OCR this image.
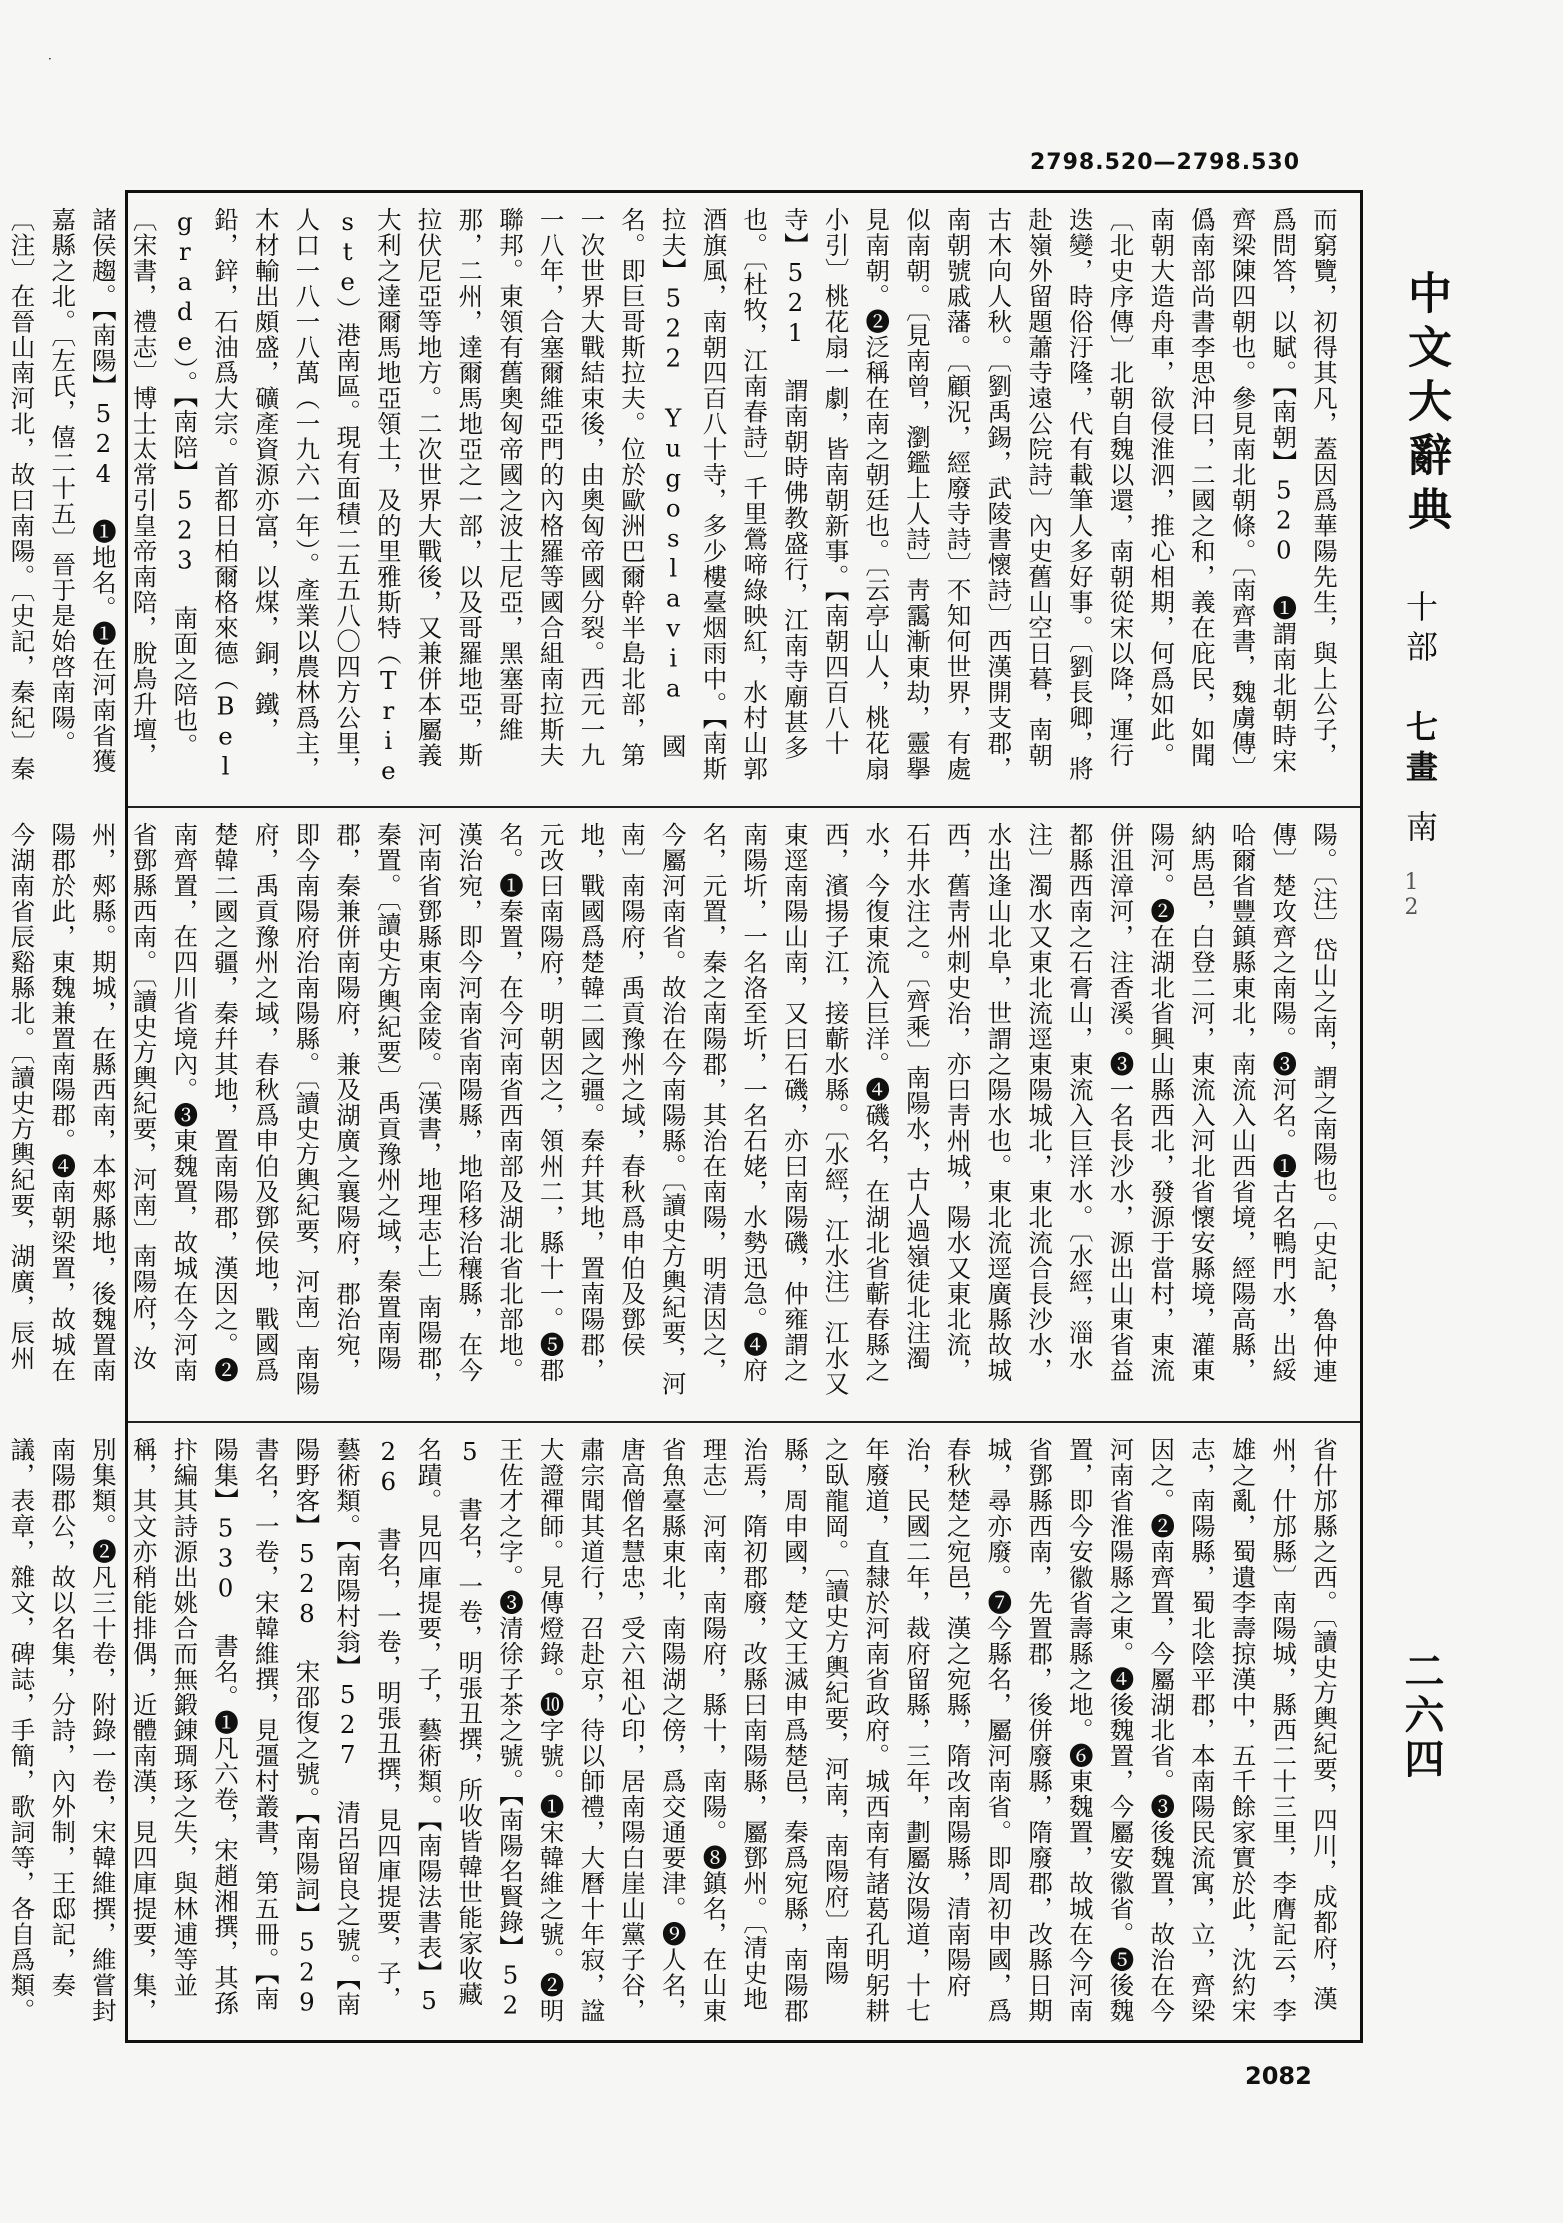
·
2798.520—2798.530
而窮覽，初得其凡，蓋因爲華陽先生，與上公子，爲問答，以賦。【南朝】520 ❶謂南北朝時宋齊梁陳四朝也。參見南北朝條。〔南齊書，魏虜傳〕僞南部尚書李思沖曰，二國之和，義在庇民，如聞南朝大造舟車，欲侵淮泗，推心相期，何爲如此。〔北史序傳〕北朝自魏以還，南朝從宋以降，運行迭變，時俗汙隆，代有載筆人多好事。〔劉長卿，將赴嶺外留題蕭寺遠公院詩〕內史舊山空日暮，南朝古木向人秋。〔劉禹錫，武陵書懷詩〕西漢開支郡，南朝號戚藩。〔顧況，經廢寺詩〕不知何世界，有處似南朝。〔見南曾，瀏鑑上人詩〕靑靄漸東劫，靈擧見南朝。❷泛稱在南之朝廷也。〔云亭山人，桃花扇小引〕桃花扇一劇，皆南朝新事。【南朝四百八十寺】521 謂南朝時佛教盛行，江南寺廟甚多也。〔杜牧，江南春詩〕千里鶯啼綠映紅，水村山郭酒旗風，南朝四百八十寺，多少樓臺烟雨中。【南斯拉夫】522 Yugoslavia 國名。即巨哥斯拉夫。位於歐洲巴爾幹半島北部，第一次世界大戰結束後，由奧匈帝國分裂。西元一九一八年，合塞爾維亞門的內格羅等國合組南拉斯夫聯邦。東領有舊奧匈帝國之波士尼亞，黑塞哥維那，二州，達爾馬地亞之一部，以及哥羅地亞，斯拉伏尼亞等地方。二次世界大戰後，又兼併本屬義大利之達爾馬地亞領土，及的里雅斯特（Trieste）港南區。現有面積二五五八〇四方公里，人口一八一八萬（一九六一年）。產業以農林爲主，木材輸出頗盛，礦產資源亦富，以煤，銅，鐵，鉛，鋅，石油爲大宗。首都日柏爾格來德（Belgrade）。【南陪】523 南面之陪也。〔宋書，禮志〕博士太常引皇帝南陪，脫鳥升壇，諸侯趨。【南陽】524 ❶地名。❶在河南省獲嘉縣之北。〔左氏，僖二十五〕晉于是始啓南陽。〔注〕在晉山南河北，故曰南陽。〔史記，秦紀〕秦
陽。〔注〕岱山之南，謂之南陽也。〔史記，魯仲連傳〕楚攻齊之南陽。❸河名。❶古名鴨門水，出綏哈爾省豐鎮縣東北，南流入山西省境，經陽高縣，納馬邑，白登二河，東流入河北省懷安縣境，灌東陽河。❷在湖北省興山縣西北，發源于當村，東流併沮漳河，注香溪。❸一名長沙水，源出山東省益都縣西南之石膏山，東流入巨洋水。〔水經，淄水注〕濁水又東北流逕東陽城北，東北流合長沙水，水出逢山北阜，世謂之陽水也。東北流逕廣縣故城西，舊靑州刺史治，亦曰靑州城，陽水又東北流，石井水注之。〔齊乘〕南陽水，古人過嶺徒北注濁水，今復東流入巨洋。❹磯名，在湖北省蘄春縣之西，濱揚子江，接蘄水縣。〔水經，江水注〕江水又東逕南陽山南，又曰石磯，亦曰南陽磯，仲雍謂之南陽圻，一名洛至圻，一名石姥，水勢迅急。❹府名，元置，秦之南陽郡，其治在南陽，明清因之，今屬河南省。故治在今南陽縣。〔讀史方輿紀要，河南〕南陽府，禹貢豫州之域，春秋爲申伯及鄧侯地，戰國爲楚韓二國之疆。秦幷其地，置南陽郡，元改曰南陽府，明朝因之，領州二，縣十一。❺郡名。❶秦置，在今河南省西南部及湖北省北部地。漢治宛，即今河南省南陽縣，地陷移治穰縣，在今河南省鄧縣東南金陵。〔漢書，地理志上〕南陽郡，秦置。〔讀史方輿紀要〕禹貢豫州之域，秦置南陽郡，秦兼併南陽府，兼及湖廣之襄陽府，郡治宛，即今南陽府治南陽縣。〔讀史方輿紀要，河南〕南陽府，禹貢豫州之域，春秋爲申伯及鄧侯地，戰國爲楚韓二國之疆，秦幷其地，置南陽郡，漢因之。❷南齊置，在四川省境內。❸東魏置，故城在今河南省鄧縣西南。〔讀史方輿紀要，河南〕南陽府，汝州，郟縣。期城，在縣西南，本郟縣地，後魏置南陽郡於此，東魏兼置南陽郡。❹南朝梁置，故城在今湖南省辰谿縣北。〔讀史方輿紀要，湖廣，辰州
省什邡縣之西。〔讀史方輿紀要，四川，成都府，漢州，什邡縣〕南陽城，縣西二十三里，李膺記云，李雄之亂，蜀遺李壽掠漢中，五千餘家實於此，沈約宋志，南陽縣，蜀北陰平郡，本南陽民流寓，立，齊梁因之。❷南齊置，今屬湖北省。❸後魏置，故治在今河南省淮陽縣之東。❹後魏置，今屬安徽省。❺後魏置，即今安徽省壽縣之地。❻東魏置，故城在今河南省鄧縣西南，先置郡，後併廢縣，隋廢郡，改縣日期城，尋亦廢。❼今縣名，屬河南省。即周初申國，爲春秋楚之宛邑，漢之宛縣，隋改南陽縣，清南陽府治，民國二年，裁府留縣，三年，劃屬汝陽道，十七年廢道，直隸於河南省政府。城西南有諸葛孔明躬耕之臥龍岡。〔讀史方輿紀要，河南，南陽府〕南陽縣，周申國，楚文王滅申爲楚邑，秦爲宛縣，南陽郡治焉，隋初郡廢，改縣曰南陽縣，屬鄧州。〔清史地理志〕河南，南陽府，縣十，南陽。❽鎮名，在山東省魚臺縣東北，南陽湖之傍，爲交通要津。❾人名，唐高僧名慧忠，受六祖心印，居南陽白崖山黨子谷，肅宗聞其道行，召赴京，待以師禮，大曆十年寂，諡大證禪師。見傳燈錄。❿字號。❶宋韓維之號。❷明王佐才之字。❸清徐子茶之號。【南陽名賢錄】525 書名，一卷，明張丑撰，所收皆韓世能家收藏名蹟。見四庫提要，子，藝術類。【南陽法書表】526 書名，一卷，明張丑撰，見四庫提要，子，藝術類。【南陽村翁】527 清呂留良之號。【南陽野客】528 宋邵復之號。【南陽詞】529 書名，一卷，宋韓維撰，見彊村叢書，第五冊。【南陽集】530 書名。❶凡六卷，宋趙湘撰，其孫抃編其詩源出姚合而無鍛錬琱琢之失，與林逋等並稱，其文亦稍能排偶，近體南漢，見四庫提要，集，別集類。❷凡三十卷，附錄一卷，宋韓維撰，維嘗封南陽郡公，故以名集，分詩，內外制，王邸記，奏議，表章，雜文，碑誌，手簡，歌詞等，各自爲類。
中文大辭典
十部
七畫
南
12
二六四
2082
